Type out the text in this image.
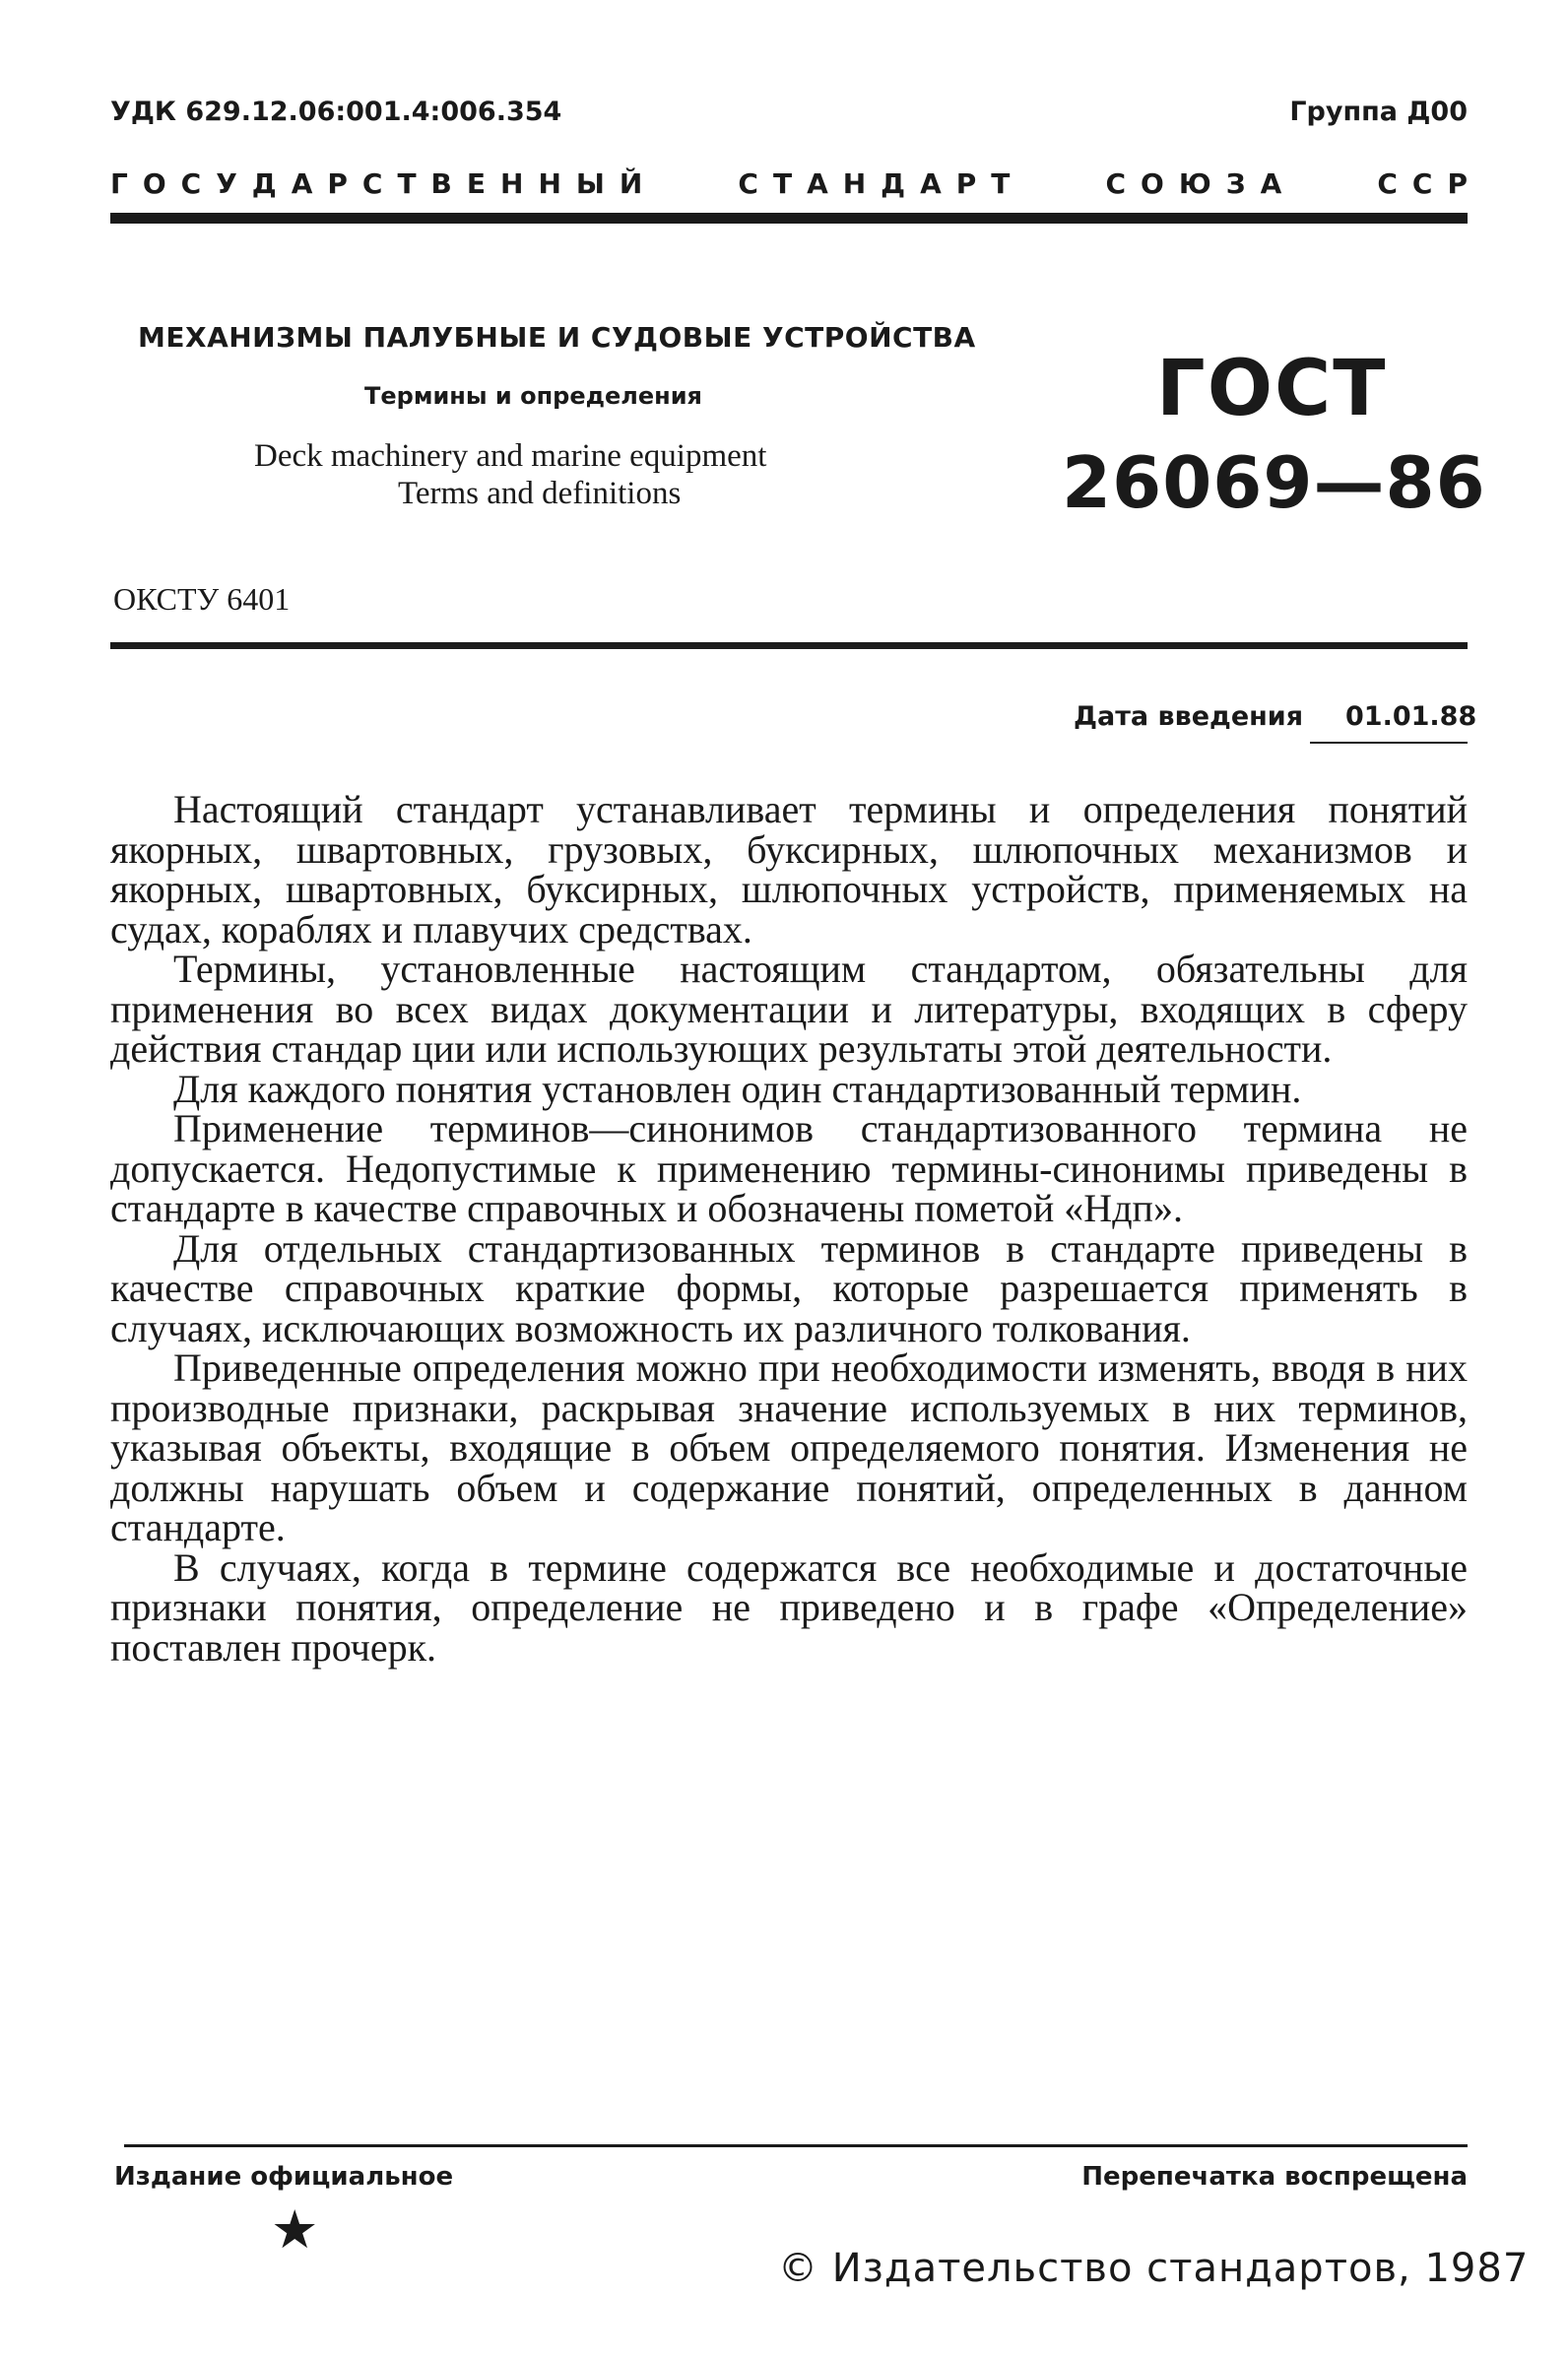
УДК 629.12.06:001.4:006.354	Группа Д00
ГОСУДАРСТВЕННЫЙ	СТАНДАРТ	СОЮЗА	ССР
МЕХАНИЗМЫ ПАЛУБНЫЕ И СУДОВЫЕ УСТРОЙСТВА
Термины и определения
Deck machinery and marine equipment
Terms and definitions
ГОСТ
26069—86
ОКСТУ 6401
Дата введения 01.01.88

Настоящий стандарт устанавливает термины и определения понятий якорных, швартовных, грузовых, буксирных, шлюпочных механизмов и якорных, швартовных, буксирных, шлюпочных устройств, применяемых на судах, кораблях и плавучих средствах.

Термины, установленные настоящим стандартом, обязательны для применения во всех видах документации и литературы, входящих в сферу действия стандар ции или использующих результаты этой деятельности.

Для каждого понятия установлен один стандартизованный термин.

Применение терминов—синонимов стандартизованного термина не допускается. Недопустимые к применению термины-синонимы приведены в стандарте в качестве справочных и обозначены пометой «Ндп».

Для отдельных стандартизованных терминов в стандарте приведены в качестве справочных краткие формы, которые разрешается применять в случаях, исключающих возможность их различного толкования.

Приведенные определения можно при необходимости изменять, вводя в них производные признаки, раскрывая значение используемых в них терминов, указывая объекты, входящие в объем определяемого понятия. Изменения не должны нарушать объем и содержание понятий, определенных в данном стандарте.

В случаях, когда в термине содержатся все необходимые и достаточные признаки понятия, определение не приведено и в графе «Определение» поставлен прочерк.

Издание официальное	Перепечатка воспрещена
★
© Издательство стандартов, 1987
